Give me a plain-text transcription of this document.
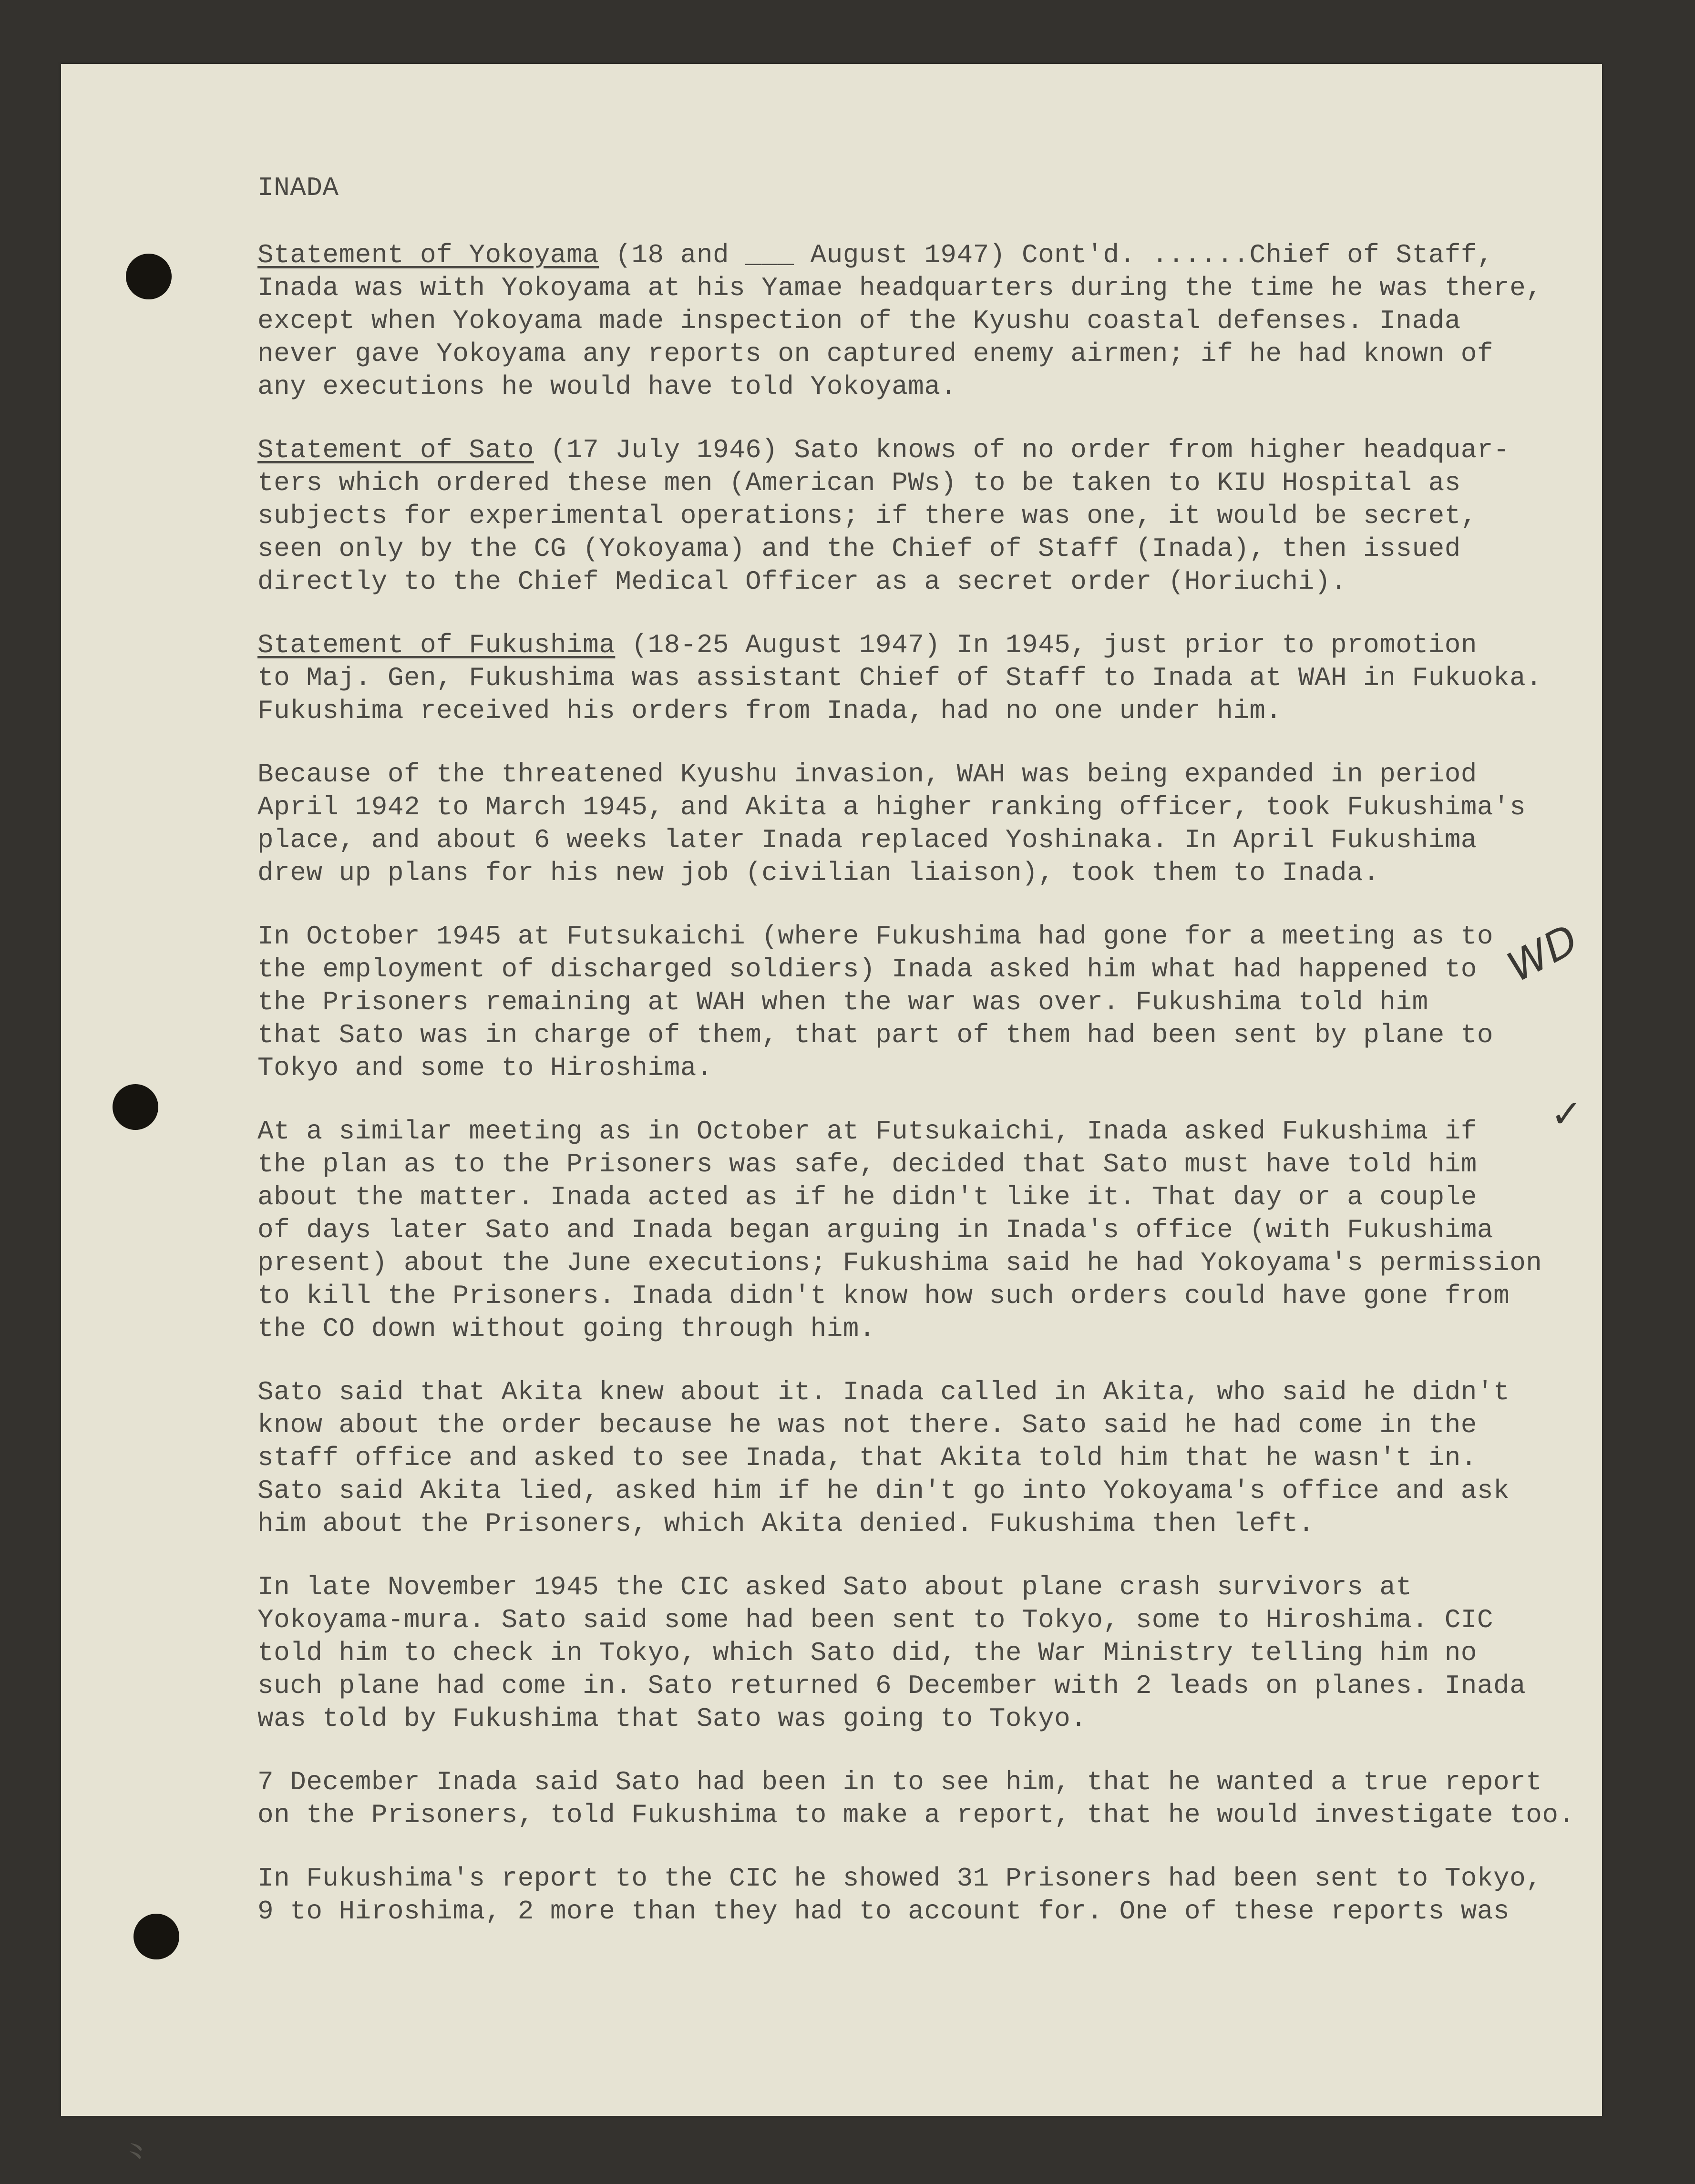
INADA
Statement of Yokoyama (18 and ___ August 1947) Cont'd. ......Chief of Staff,
Inada was with Yokoyama at his Yamae headquarters during the time he was there,
except when Yokoyama made inspection of the Kyushu coastal defenses. Inada
never gave Yokoyama any reports on captured enemy airmen; if he had known of
any executions he would have told Yokoyama.
Statement of Sato (17 July 1946) Sato knows of no order from higher headquar-
ters which ordered these men (American PWs) to be taken to KIU Hospital as
subjects for experimental operations; if there was one, it would be secret,
seen only by the CG (Yokoyama) and the Chief of Staff (Inada), then issued
directly to the Chief Medical Officer as a secret order (Horiuchi).
Statement of Fukushima (18-25 August 1947) In 1945, just prior to promotion
to Maj. Gen, Fukushima was assistant Chief of Staff to Inada at WAH in Fukuoka.
Fukushima received his orders from Inada, had no one under him.
Because of the threatened Kyushu invasion, WAH was being expanded in period
April 1942 to March 1945, and Akita a higher ranking officer, took Fukushima's
place, and about 6 weeks later Inada replaced Yoshinaka. In April Fukushima
drew up plans for his new job (civilian liaison), took them to Inada.
In October 1945 at Futsukaichi (where Fukushima had gone for a meeting as to
the employment of discharged soldiers) Inada asked him what had happened to
the Prisoners remaining at WAH when the war was over. Fukushima told him
that Sato was in charge of them, that part of them had been sent by plane to
Tokyo and some to Hiroshima.
At a similar meeting as in October at Futsukaichi, Inada asked Fukushima if
the plan as to the Prisoners was safe, decided that Sato must have told him
about the matter. Inada acted as if he didn't like it. That day or a couple
of days later Sato and Inada began arguing in Inada's office (with Fukushima
present) about the June executions; Fukushima said he had Yokoyama's permission
to kill the Prisoners. Inada didn't know how such orders could have gone from
the CO down without going through him.
Sato said that Akita knew about it. Inada called in Akita, who said he didn't
know about the order because he was not there. Sato said he had come in the
staff office and asked to see Inada, that Akita told him that he wasn't in.
Sato said Akita lied, asked him if he din't go into Yokoyama's office and ask
him about the Prisoners, which Akita denied. Fukushima then left.
In late November 1945 the CIC asked Sato about plane crash survivors at
Yokoyama-mura. Sato said some had been sent to Tokyo, some to Hiroshima. CIC
told him to check in Tokyo, which Sato did, the War Ministry telling him no
such plane had come in. Sato returned 6 December with 2 leads on planes. Inada
was told by Fukushima that Sato was going to Tokyo.
7 December Inada said Sato had been in to see him, that he wanted a true report
on the Prisoners, told Fukushima to make a report, that he would investigate too.
In Fukushima's report to the CIC he showed 31 Prisoners had been sent to Tokyo,
9 to Hiroshima, 2 more than they had to account for. One of these reports was
WD
✓
⺀
